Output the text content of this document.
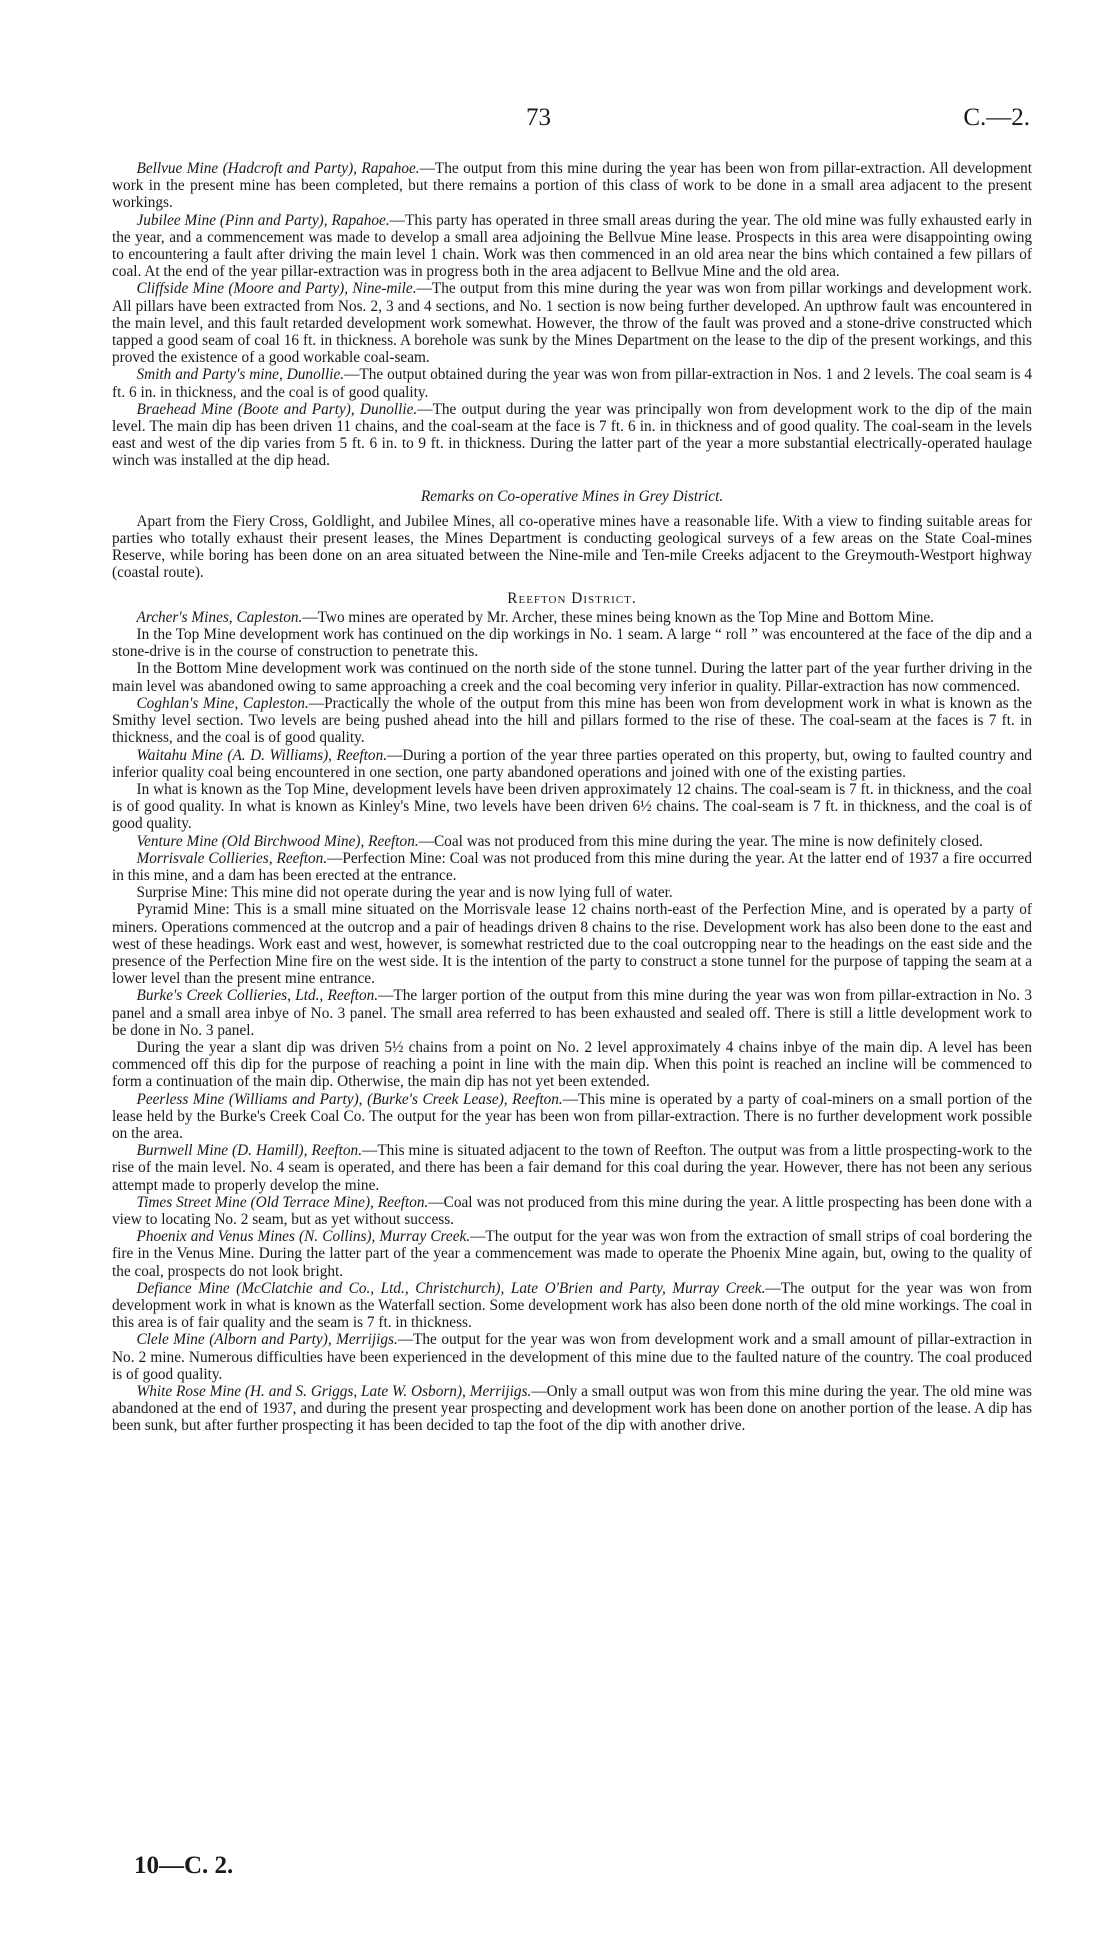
73	C.—2.

Bellvue Mine (Hadcroft and Party), Rapahoe.—The output from this mine during the year has been won from pillar-extraction. All development work in the present mine has been completed, but there remains a portion of this class of work to be done in a small area adjacent to the present workings.

Jubilee Mine (Pinn and Party), Rapahoe.—This party has operated in three small areas during the year. The old mine was fully exhausted early in the year, and a commencement was made to develop a small area adjoining the Bellvue Mine lease. Prospects in this area were disappointing owing to encountering a fault after driving the main level 1 chain. Work was then commenced in an old area near the bins which contained a few pillars of coal. At the end of the year pillar-extraction was in progress both in the area adjacent to Bellvue Mine and the old area.

Cliffside Mine (Moore and Party), Nine-mile.—The output from this mine during the year was won from pillar workings and development work. All pillars have been extracted from Nos. 2, 3 and 4 sections, and No. 1 section is now being further developed. An upthrow fault was encountered in the main level, and this fault retarded development work somewhat. However, the throw of the fault was proved and a stone-drive constructed which tapped a good seam of coal 16 ft. in thickness. A borehole was sunk by the Mines Department on the lease to the dip of the present workings, and this proved the existence of a good workable coal-seam.

Smith and Party's mine, Dunollie.—The output obtained during the year was won from pillar-extraction in Nos. 1 and 2 levels. The coal seam is 4 ft. 6 in. in thickness, and the coal is of good quality.

Braehead Mine (Boote and Party), Dunollie.—The output during the year was principally won from development work to the dip of the main level. The main dip has been driven 11 chains, and the coal-seam at the face is 7 ft. 6 in. in thickness and of good quality. The coal-seam in the levels east and west of the dip varies from 5 ft. 6 in. to 9 ft. in thickness. During the latter part of the year a more substantial electrically-operated haulage winch was installed at the dip head.

Remarks on Co-operative Mines in Grey District.

Apart from the Fiery Cross, Goldlight, and Jubilee Mines, all co-operative mines have a reasonable life. With a view to finding suitable areas for parties who totally exhaust their present leases, the Mines Department is conducting geological surveys of a few areas on the State Coal-mines Reserve, while boring has been done on an area situated between the Nine-mile and Ten-mile Creeks adjacent to the Greymouth-Westport highway (coastal route).

Reefton District.

Archer's Mines, Capleston.—Two mines are operated by Mr. Archer, these mines being known as the Top Mine and Bottom Mine.

In the Top Mine development work has continued on the dip workings in No. 1 seam. A large “ roll ” was encountered at the face of the dip and a stone-drive is in the course of construction to penetrate this.

In the Bottom Mine development work was continued on the north side of the stone tunnel. During the latter part of the year further driving in the main level was abandoned owing to same approaching a creek and the coal becoming very inferior in quality. Pillar-extraction has now commenced.

Coghlan's Mine, Capleston.—Practically the whole of the output from this mine has been won from development work in what is known as the Smithy level section. Two levels are being pushed ahead into the hill and pillars formed to the rise of these. The coal-seam at the faces is 7 ft. in thickness, and the coal is of good quality.

Waitahu Mine (A. D. Williams), Reefton.—During a portion of the year three parties operated on this property, but, owing to faulted country and inferior quality coal being encountered in one section, one party abandoned operations and joined with one of the existing parties.

In what is known as the Top Mine, development levels have been driven approximately 12 chains. The coal-seam is 7 ft. in thickness, and the coal is of good quality. In what is known as Kinley's Mine, two levels have been driven 6½ chains. The coal-seam is 7 ft. in thickness, and the coal is of good quality.

Venture Mine (Old Birchwood Mine), Reefton.—Coal was not produced from this mine during the year. The mine is now definitely closed.

Morrisvale Collieries, Reefton.—Perfection Mine: Coal was not produced from this mine during the year. At the latter end of 1937 a fire occurred in this mine, and a dam has been erected at the entrance.

Surprise Mine: This mine did not operate during the year and is now lying full of water.

Pyramid Mine: This is a small mine situated on the Morrisvale lease 12 chains north-east of the Perfection Mine, and is operated by a party of miners. Operations commenced at the outcrop and a pair of headings driven 8 chains to the rise. Development work has also been done to the east and west of these headings. Work east and west, however, is somewhat restricted due to the coal outcropping near to the headings on the east side and the presence of the Perfection Mine fire on the west side. It is the intention of the party to construct a stone tunnel for the purpose of tapping the seam at a lower level than the present mine entrance.

Burke's Creek Collieries, Ltd., Reefton.—The larger portion of the output from this mine during the year was won from pillar-extraction in No. 3 panel and a small area inbye of No. 3 panel. The small area referred to has been exhausted and sealed off. There is still a little development work to be done in No. 3 panel.

During the year a slant dip was driven 5½ chains from a point on No. 2 level approximately 4 chains inbye of the main dip. A level has been commenced off this dip for the purpose of reaching a point in line with the main dip. When this point is reached an incline will be commenced to form a continuation of the main dip. Otherwise, the main dip has not yet been extended.

Peerless Mine (Williams and Party), (Burke's Creek Lease), Reefton.—This mine is operated by a party of coal-miners on a small portion of the lease held by the Burke's Creek Coal Co. The output for the year has been won from pillar-extraction. There is no further development work possible on the area.

Burnwell Mine (D. Hamill), Reefton.—This mine is situated adjacent to the town of Reefton. The output was from a little prospecting-work to the rise of the main level. No. 4 seam is operated, and there has been a fair demand for this coal during the year. However, there has not been any serious attempt made to properly develop the mine.

Times Street Mine (Old Terrace Mine), Reefton.—Coal was not produced from this mine during the year. A little prospecting has been done with a view to locating No. 2 seam, but as yet without success.

Phoenix and Venus Mines (N. Collins), Murray Creek.—The output for the year was won from the extraction of small strips of coal bordering the fire in the Venus Mine. During the latter part of the year a commencement was made to operate the Phoenix Mine again, but, owing to the quality of the coal, prospects do not look bright.

Defiance Mine (McClatchie and Co., Ltd., Christchurch), Late O'Brien and Party, Murray Creek.—The output for the year was won from development work in what is known as the Waterfall section. Some development work has also been done north of the old mine workings. The coal in this area is of fair quality and the seam is 7 ft. in thickness.

Clele Mine (Alborn and Party), Merrijigs.—The output for the year was won from development work and a small amount of pillar-extraction in No. 2 mine. Numerous difficulties have been experienced in the development of this mine due to the faulted nature of the country. The coal produced is of good quality.

White Rose Mine (H. and S. Griggs, Late W. Osborn), Merrijigs.—Only a small output was won from this mine during the year. The old mine was abandoned at the end of 1937, and during the present year prospecting and development work has been done on another portion of the lease. A dip has been sunk, but after further prospecting it has been decided to tap the foot of the dip with another drive.

10—C. 2.
